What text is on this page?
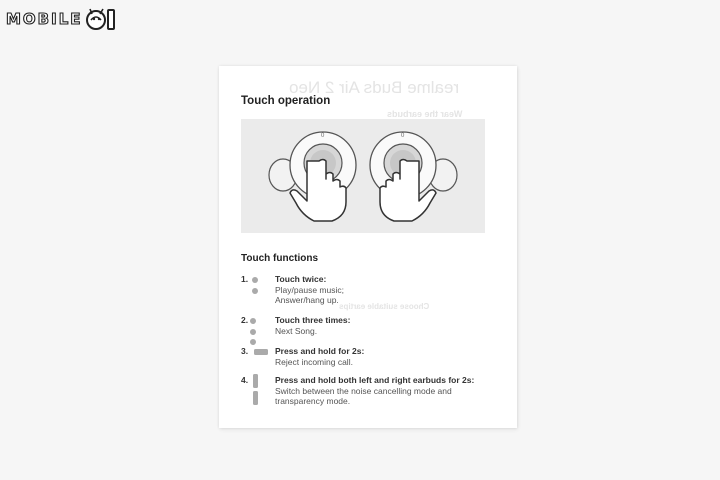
MOBILE
realme Buds Air 2 Neo
Wear the earbuds
Choose suitable eartips
Touch operation
0	0
Touch functions
1.	Touch twice:
Play/pause music;
Answer/hang up.
2.	Touch three times:
Next Song.
3.	Press and hold for 2s:
Reject incoming call.
4.	Press and hold both left and right earbuds for 2s:
Switch between the noise cancelling mode and
transparency mode.
